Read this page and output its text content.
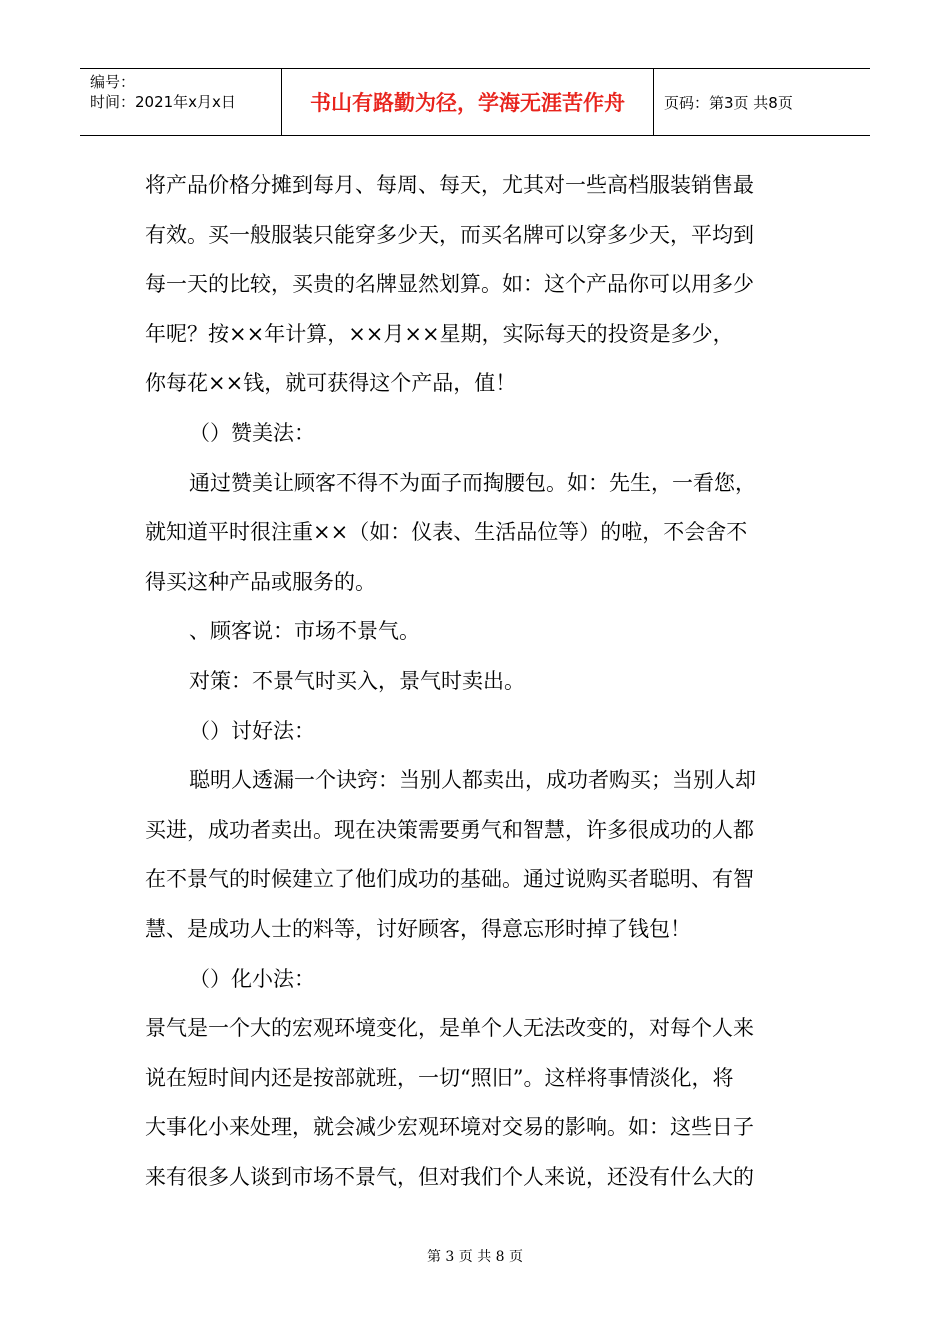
编号：
时间：2021年x月x日	书山有路勤为径，学海无涯苦作舟	页码：第3页 共8页

将产品价格分摊到每月、每周、每天，尤其对一些高档服装销售最

有效。买一般服装只能穿多少天，而买名牌可以穿多少天，平均到

每一天的比较，买贵的名牌显然划算。如：这个产品你可以用多少

年呢？按××年计算，××月××星期，实际每天的投资是多少，

你每花××钱，就可获得这个产品，值！

（）赞美法：

通过赞美让顾客不得不为面子而掏腰包。如：先生，一看您，

就知道平时很注重××（如：仪表、生活品位等）的啦，不会舍不

得买这种产品或服务的。

、顾客说：市场不景气。

对策：不景气时买入，景气时卖出。

（）讨好法：

聪明人透漏一个诀窍：当别人都卖出，成功者购买；当别人却

买进，成功者卖出。现在决策需要勇气和智慧，许多很成功的人都

在不景气的时候建立了他们成功的基础。通过说购买者聪明、有智

慧、是成功人士的料等，讨好顾客，得意忘形时掉了钱包！

（）化小法：

景气是一个大的宏观环境变化，是单个人无法改变的，对每个人来

说在短时间内还是按部就班，一切“照旧”。这样将事情淡化，将

大事化小来处理，就会减少宏观环境对交易的影响。如：这些日子

来有很多人谈到市场不景气，但对我们个人来说，还没有什么大的

第 3 页 共 8 页
